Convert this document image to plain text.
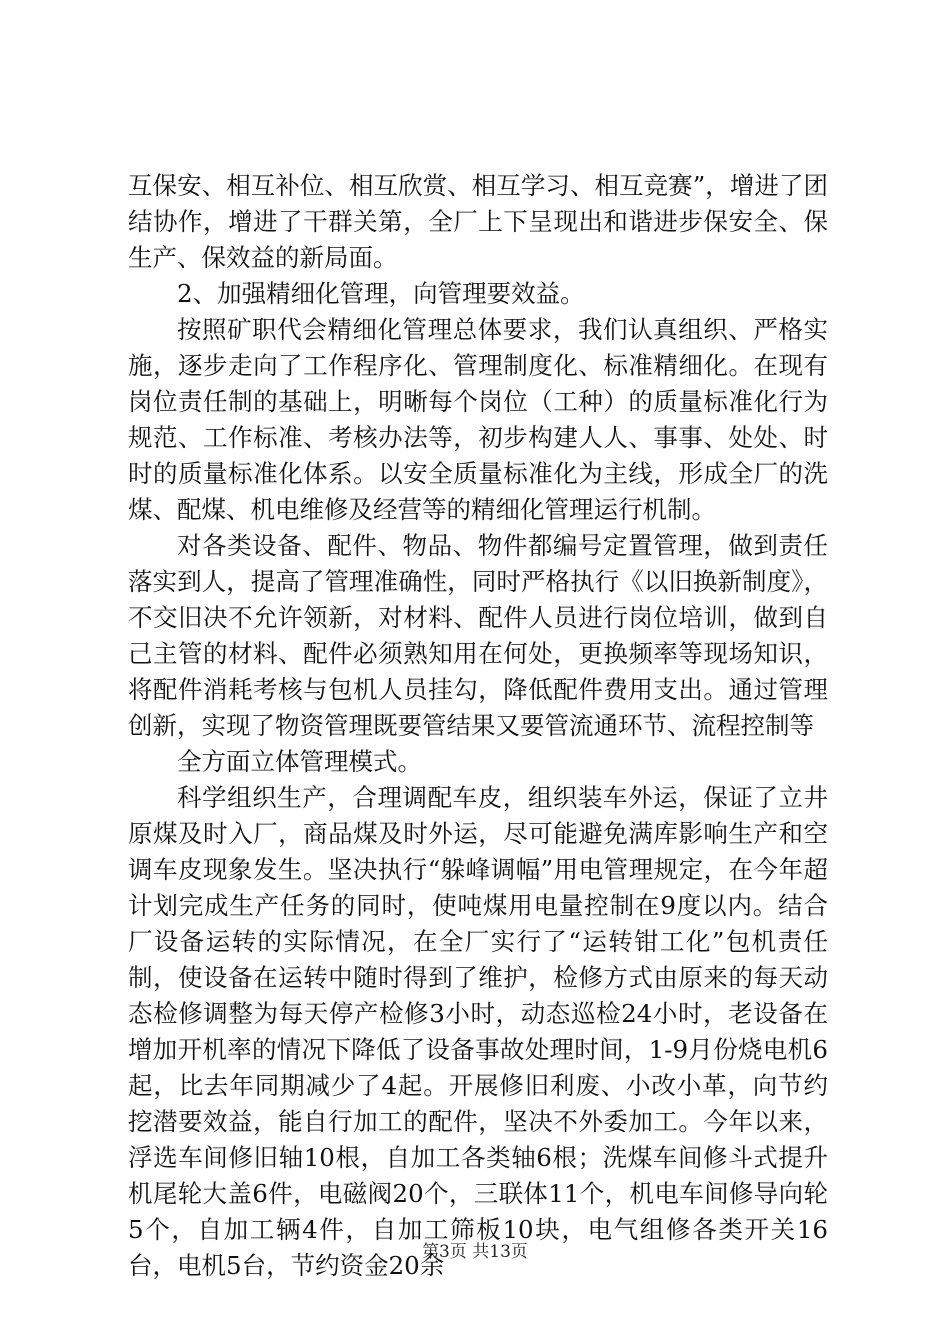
互保安、相互补位、相互欣赏、相互学习、相互竞赛”，增进了团结协作，增进了干群关第，全厂上下呈现出和谐进步保安全、保生产、保效益的新局面。

2、加强精细化管理，向管理要效益。

按照矿职代会精细化管理总体要求，我们认真组织、严格实施，逐步走向了工作程序化、管理制度化、标准精细化。在现有岗位责任制的基础上，明晰每个岗位（工种）的质量标准化行为规范、工作标准、考核办法等，初步构建人人、事事、处处、时时的质量标准化体系。以安全质量标准化为主线，形成全厂的洗煤、配煤、机电维修及经营等的精细化管理运行机制。

对各类设备、配件、物品、物件都编号定置管理，做到责任落实到人，提高了管理准确性，同时严格执行《以旧换新制度》，不交旧决不允许领新，对材料、配件人员进行岗位培训，做到自己主管的材料、配件必须熟知用在何处，更换频率等现场知识，将配件消耗考核与包机人员挂勾，降低配件费用支出。通过管理创新，实现了物资管理既要管结果又要管流通环节、流程控制等

全方面立体管理模式。

科学组织生产，合理调配车皮，组织装车外运，保证了立井原煤及时入厂，商品煤及时外运，尽可能避免满库影响生产和空调车皮现象发生。坚决执行“躲峰调幅”用电管理规定，在今年超计划完成生产任务的同时，使吨煤用电量控制在9度以内。结合厂设备运转的实际情况，在全厂实行了“运转钳工化”包机责任制，使设备在运转中随时得到了维护，检修方式由原来的每天动态检修调整为每天停产检修3小时，动态巡检24小时，老设备在增加开机率的情况下降低了设备事故处理时间，1-9月份烧电机6起，比去年同期减少了4起。开展修旧利废、小改小革，向节约挖潜要效益，能自行加工的配件，坚决不外委加工。今年以来，浮选车间修旧轴10根，自加工各类轴6根；洗煤车间修斗式提升机尾轮大盖6件，电磁阀20个，三联体11个，机电车间修导向轮5个，自加工辆4件，自加工筛板10块，电气组修各类开关16台，电机5台，节约资金20余

第3页 共13页
